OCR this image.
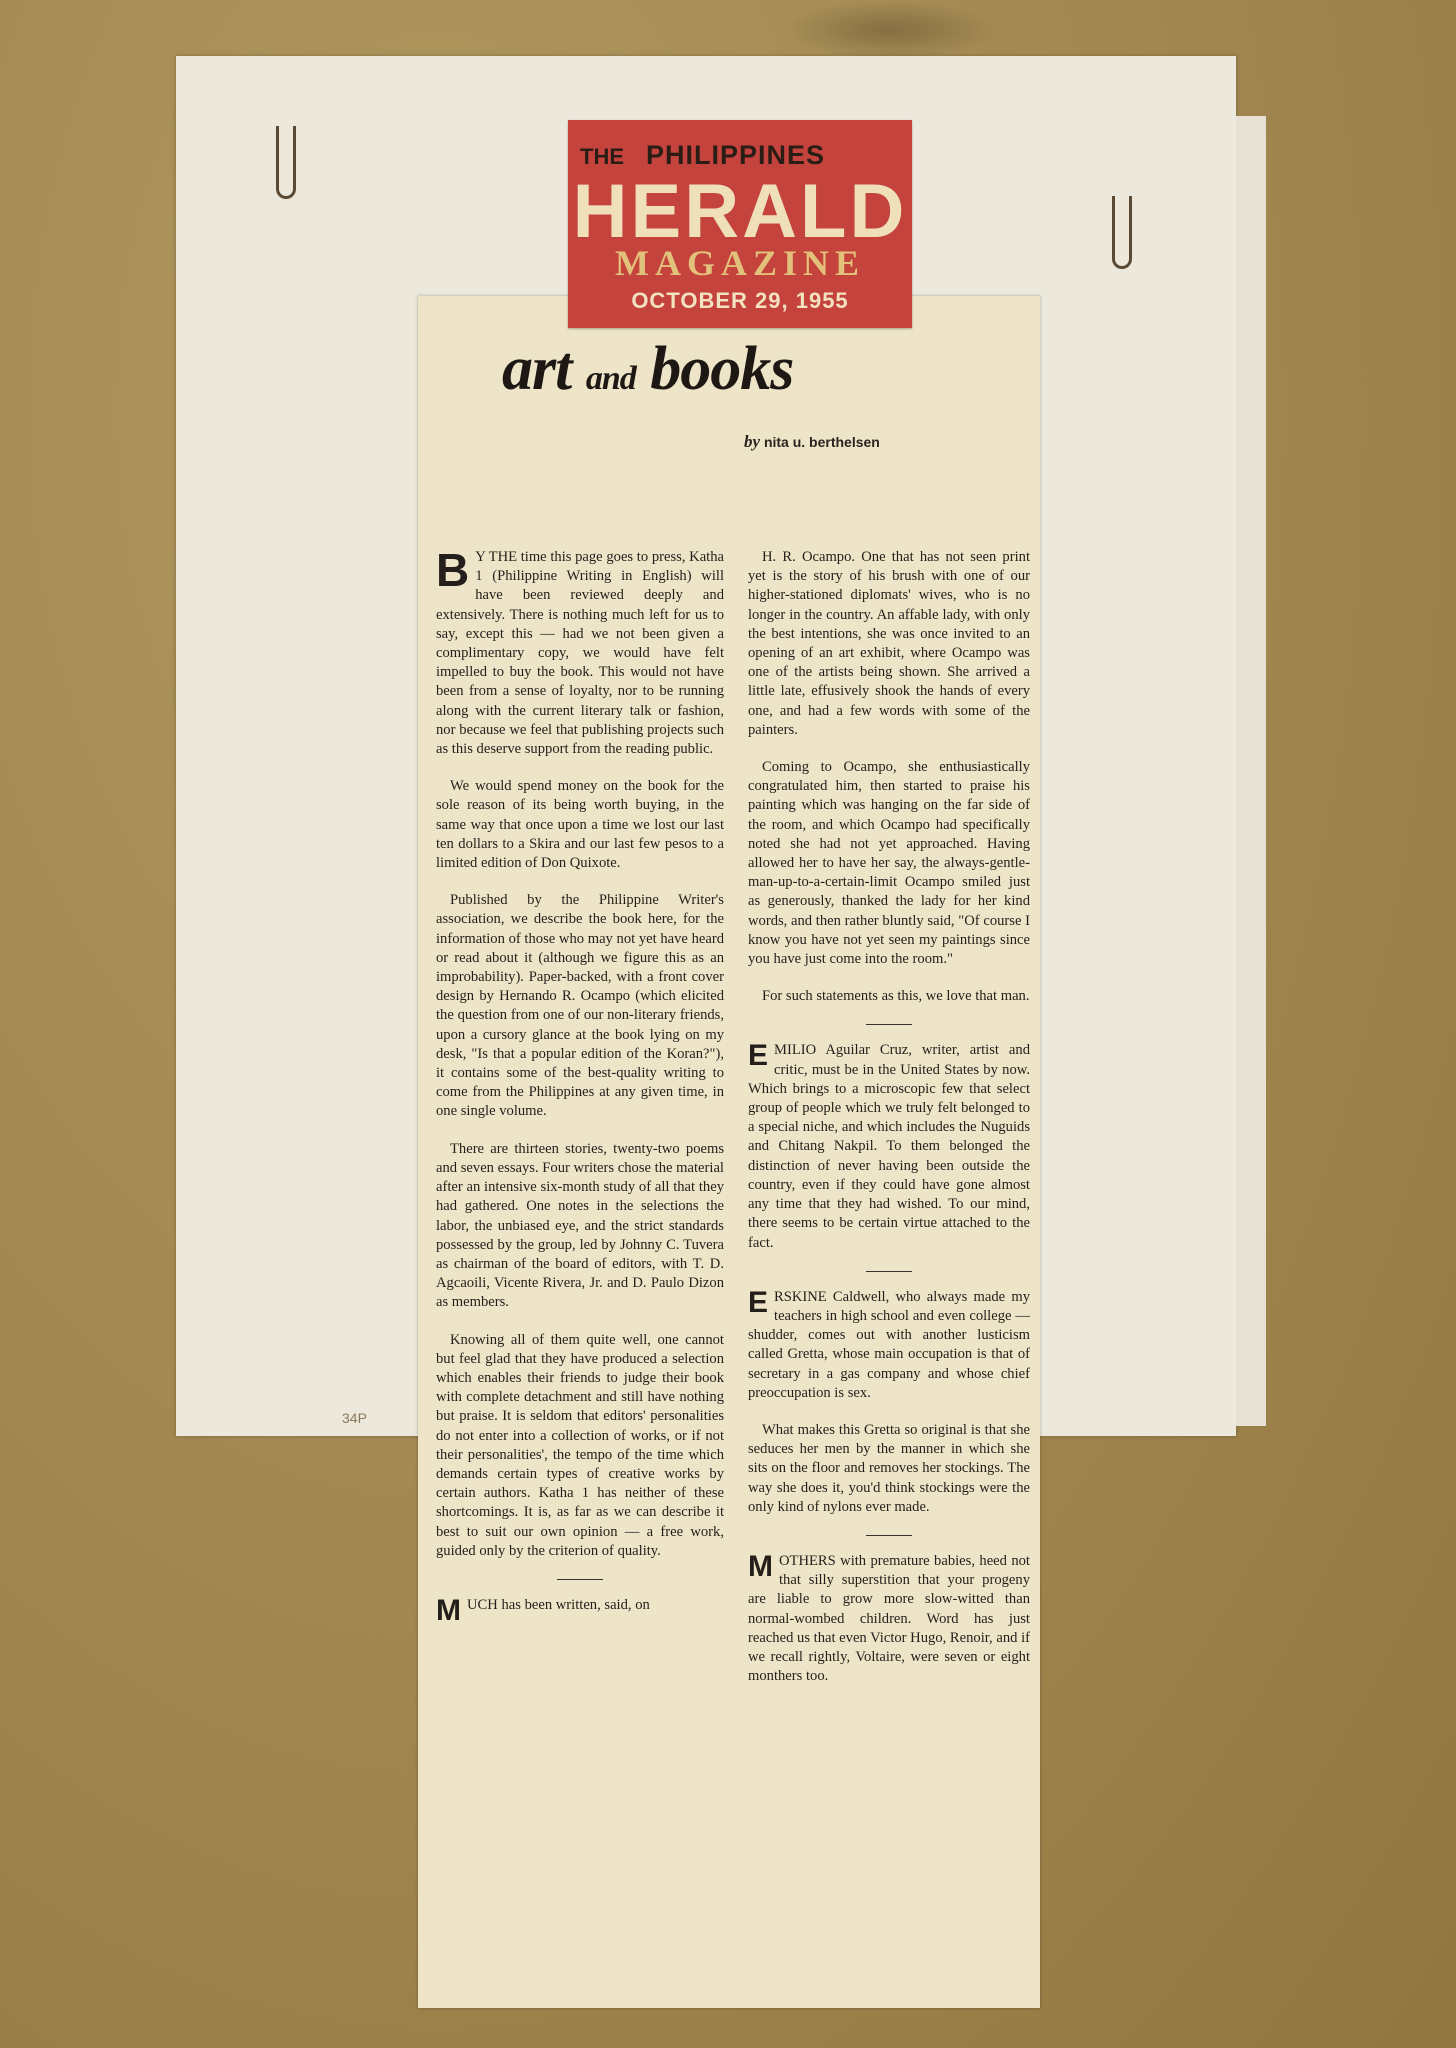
34P
THE PHILIPPINES
HERALD
MAGAZINE
OCTOBER 29, 1955
art and books
by nita u. berthelsen

B Y THE time this page goes to press, Katha 1 (Philippine Writing in English) will have been reviewed deeply and extensively. There is nothing much left for us to say, except this — had we not been given a complimentary copy, we would have felt impelled to buy the book. This would not have been from a sense of loyalty, nor to be running along with the current literary talk or fashion, nor because we feel that publishing projects such as this deserve support from the reading public.

We would spend money on the book for the sole reason of its being worth buying, in the same way that once upon a time we lost our last ten dollars to a Skira and our last few pesos to a limited edition of Don Quixote.

Published by the Philippine Writer's association, we describe the book here, for the information of those who may not yet have heard or read about it (although we figure this as an improbability). Paper-backed, with a front cover design by Hernando R. Ocampo (which elicited the question from one of our non-literary friends, upon a cursory glance at the book lying on my desk, "Is that a popular edition of the Koran?"), it contains some of the best-quality writing to come from the Philippines at any given time, in one single volume.

There are thirteen stories, twenty-two poems and seven essays. Four writers chose the material after an intensive six-month study of all that they had gathered. One notes in the selections the labor, the unbiased eye, and the strict standards possessed by the group, led by Johnny C. Tuvera as chairman of the board of editors, with T. D. Agcaoili, Vicente Rivera, Jr. and D. Paulo Dizon as members.

Knowing all of them quite well, one cannot but feel glad that they have produced a selection which enables their friends to judge their book with complete detachment and still have nothing but praise. It is seldom that editors' personalities do not enter into a collection of works, or if not their personalities', the tempo of the time which demands certain types of creative works by certain authors. Katha 1 has neither of these shortcomings. It is, as far as we can describe it best to suit our own opinion — a free work, guided only by the criterion of quality.

MUCH has been written, said, on

H. R. Ocampo. One that has not seen print yet is the story of his brush with one of our higher-stationed diplomats' wives, who is no longer in the country. An affable lady, with only the best intentions, she was once invited to an opening of an art exhibit, where Ocampo was one of the artists being shown. She arrived a little late, effusively shook the hands of every one, and had a few words with some of the painters.

Coming to Ocampo, she enthusiastically congratulated him, then started to praise his painting which was hanging on the far side of the room, and which Ocampo had specifically noted she had not yet approached. Having allowed her to have her say, the always-gentle-man-up-to-a-certain-limit Ocampo smiled just as generously, thanked the lady for her kind words, and then rather bluntly said, "Of course I know you have not yet seen my paintings since you have just come into the room."

For such statements as this, we love that man.

EMILIO Aguilar Cruz, writer, artist and critic, must be in the United States by now. Which brings to a microscopic few that select group of people which we truly felt belonged to a special niche, and which includes the Nuguids and Chitang Nakpil. To them belonged the distinction of never having been outside the country, even if they could have gone almost any time that they had wished. To our mind, there seems to be certain virtue attached to the fact.

ERSKINE Caldwell, who always made my teachers in high school and even college — shudder, comes out with another lusticism called Gretta, whose main occupation is that of secretary in a gas company and whose chief preoccupation is sex.

What makes this Gretta so original is that she seduces her men by the manner in which she sits on the floor and removes her stockings. The way she does it, you'd think stockings were the only kind of nylons ever made.

MOTHERS with premature babies, heed not that silly superstition that your progeny are liable to grow more slow-witted than normal-wombed children. Word has just reached us that even Victor Hugo, Renoir, and if we recall rightly, Voltaire, were seven or eight monthers too.
